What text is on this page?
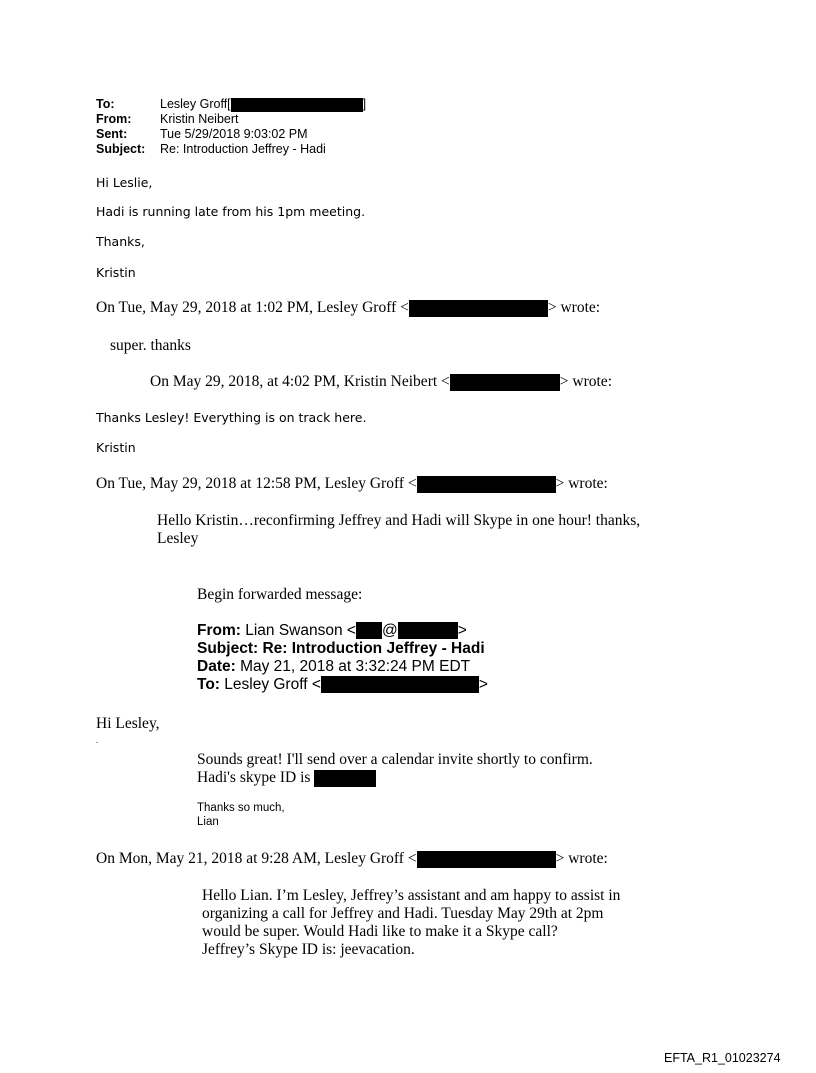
To:	Lesley Groff[	]
From: Kristin Neibert
Sent:	Tue 5/29/2018 9:03:02 PM
Subject: Re: Introduction Jeffrey - Hadi
Hi Leslie,
Hadi is running late from his 1pm meeting.
Thanks,
Kristin
On Tue, May 29, 2018 at 1:02 PM, Lesley Groff <	> wrote:
super. thanks
On May 29, 2018, at 4:02 PM, Kristin Neibert <	> wrote:
Thanks Lesley! Everything is on track here.
Kristin
On Tue, May 29, 2018 at 12:58 PM, Lesley Groff <	> wrote:
Hello Kristin…reconfirming Jeffrey and Hadi will Skype in one hour! thanks,
Lesley
Begin forwarded message:
From: Lian Swanson < @	>
Subject: Re: Introduction Jeffrey - Hadi
Date: May 21, 2018 at 3:32:24 PM EDT
To: Lesley Groff <	>
Hi Lesley,
.
Sounds great! I'll send over a calendar invite shortly to confirm.
Hadi's skype ID is
Thanks so much,
Lian
On Mon, May 21, 2018 at 9:28 AM, Lesley Groff <	> wrote:
Hello Lian. I’m Lesley, Jeffrey’s assistant and am happy to assist in
organizing a call for Jeffrey and Hadi. Tuesday May 29th at 2pm
would be super. Would Hadi like to make it a Skype call?
Jeffrey’s Skype ID is: jeevacation.
EFTA_R1_01023274
